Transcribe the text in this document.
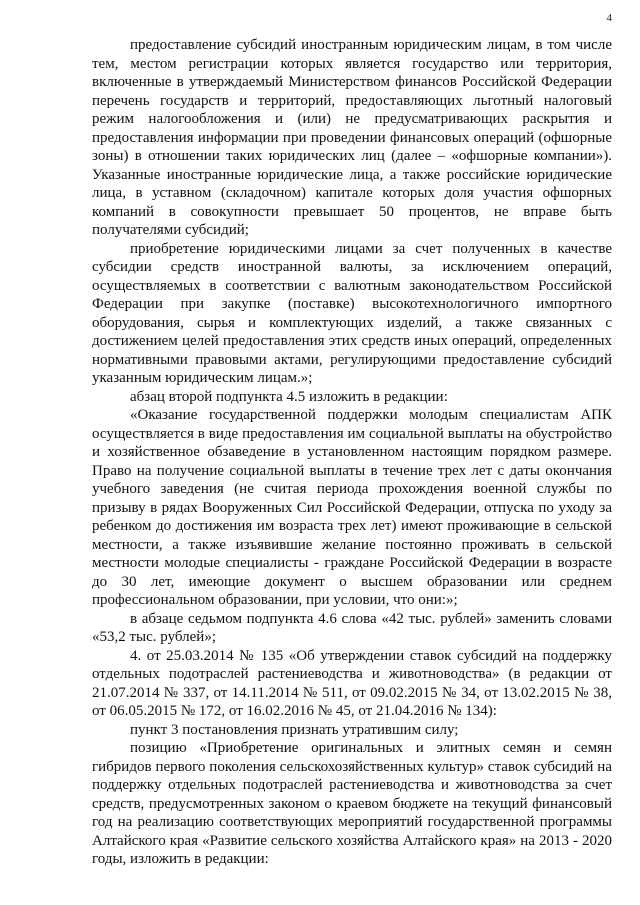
4

предоставление субсидий иностранным юридическим лицам, в том числе тем, местом регистрации которых является государство или территория, включенные в утверждаемый Министерством финансов Российской Федерации перечень государств и территорий, предоставляющих льготный налоговый режим налогообложения и (или) не предусматривающих раскрытия и предоставления информации при проведении финансовых операций (офшорные зоны) в отношении таких юридических лиц (далее – «офшорные компании»). Указанные иностранные юридические лица, а также российские юридические лица, в уставном (складочном) капитале которых доля участия офшорных компаний в совокупности превышает 50 процентов, не вправе быть получателями субсидий;

приобретение юридическими лицами за счет полученных в качестве субсидии средств иностранной валюты, за исключением операций, осуществляемых в соответствии с валютным законодательством Российской Федерации при закупке (поставке) высокотехнологичного импортного оборудования, сырья и комплектующих изделий, а также связанных с достижением целей предоставления этих средств иных операций, определенных нормативными правовыми актами, регулирующими предоставление субсидий указанным юридическим лицам.»;

абзац второй подпункта 4.5 изложить в редакции:

«Оказание государственной поддержки молодым специалистам АПК осуществляется в виде предоставления им социальной выплаты на обустройство и хозяйственное обзаведение в установленном настоящим порядком размере. Право на получение социальной выплаты в течение трех лет с даты окончания учебного заведения (не считая периода прохождения военной службы по призыву в рядах Вооруженных Сил Российской Федерации, отпуска по уходу за ребенком до достижения им возраста трех лет) имеют проживающие в сельской местности, а также изъявившие желание постоянно проживать в сельской местности молодые специалисты - граждане Российской Федерации в возрасте до 30 лет, имеющие документ о высшем образовании или среднем профессиональном образовании, при условии, что они:»;

в абзаце седьмом подпункта 4.6 слова «42 тыс. рублей» заменить словами «53,2 тыс. рублей»;

4. от 25.03.2014 № 135 «Об утверждении ставок субсидий на поддержку отдельных подотраслей растениеводства и животноводства» (в редакции от 21.07.2014 № 337, от 14.11.2014 № 511, от 09.02.2015 № 34, от 13.02.2015 № 38, от 06.05.2015 № 172, от 16.02.2016 № 45, от 21.04.2016 № 134):

пункт 3 постановления признать утратившим силу;

позицию «Приобретение оригинальных и элитных семян и семян гибридов первого поколения сельскохозяйственных культур» ставок субсидий на поддержку отдельных подотраслей растениеводства и животноводства за счет средств, предусмотренных законом о краевом бюджете на текущий финансовый год на реализацию соответствующих мероприятий государственной программы Алтайского края «Развитие сельского хозяйства Алтайского края» на 2013 - 2020 годы, изложить в редакции:
